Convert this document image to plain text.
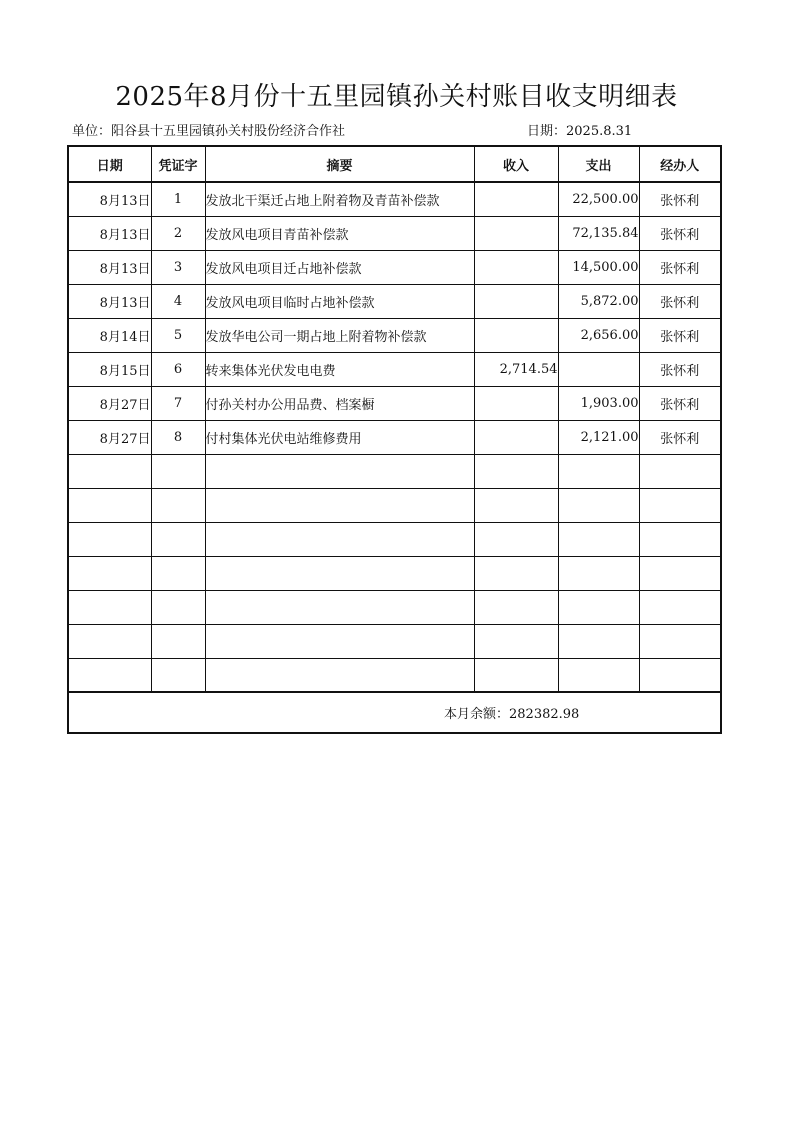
2025年8月份十五里园镇孙关村账目收支明细表
单位：阳谷县十五里园镇孙关村股份经济合作社	日期：2025.8.31
日期	凭证字	摘要	收入	支出	经办人
8月13日	1	发放北干渠迁占地上附着物及青苗补偿款		22,500.00	张怀利
8月13日	2	发放风电项目青苗补偿款		72,135.84	张怀利
8月13日	3	发放风电项目迁占地补偿款		14,500.00	张怀利
8月13日	4	发放风电项目临时占地补偿款		5,872.00	张怀利
8月14日	5	发放华电公司一期占地上附着物补偿款		2,656.00	张怀利
8月15日	6	转来集体光伏发电电费	2,714.54		张怀利
8月27日	7	付孙关村办公用品费、档案橱		1,903.00	张怀利
8月27日	8	付村集体光伏电站维修费用		2,121.00	张怀利

本月余额：282382.98					
